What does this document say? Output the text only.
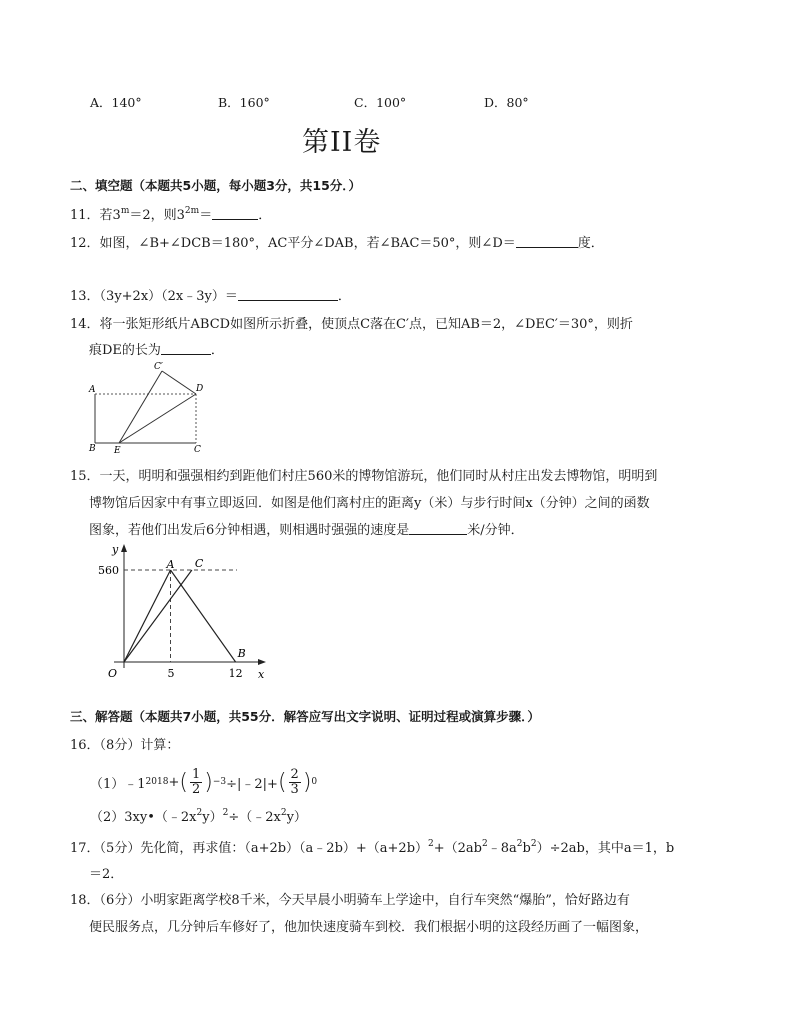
A．140°	B．160°	C．100°	D．80°
第II卷
二、填空题（本题共5小题，每小题3分，共15分．）
11．若$3^m=2$，则$3^{2m}=$	．
12．如图，∠B+∠DCB＝180°，AC平分∠DAB，若∠BAC＝50°，则∠D＝	度．
13．（3y+2x）（2x﹣3y）＝	．
14．将一张矩形纸片ABCD如图所示折叠，使顶点C落在C′点，已知AB＝2，∠DEC′＝30°，则折
痕DE的长为	．
A
B	C
C′
D
E
15．一天，明明和强强相约到距他们村庄560米的博物馆游玩，他们同时从村庄出发去博物馆，明明到
博物馆后因家中有事立即返回．如图是他们离村庄的距离y（米）与步行时间x（分钟）之间的函数
图象，若他们出发后6分钟相遇，则相遇时强强的速度是	米/分钟．
y
x
O
560
5	12
A
B
C
三、解答题（本题共7小题，共55分．解答应写出文字说明、证明过程或演算步骤．）
16．（8分）计算：
（1）﹣1 2018 + ( $\frac{1}{2}$ ) −3 ÷|﹣2|+ ( $\frac{2}{3}$ ) 0
$(2)3xy•(﹣2x^2y)^2\div(﹣2x^2y)$
17．（5分）先化简，再求值：$(a+2b)(a﹣2b)+(a+2b)^2+(2ab^2﹣8a^2b^2)\div 2ab$，其中a＝1，b
＝2．
18．（6分）小明家距离学校8千米，今天早晨小明骑车上学途中，自行车突然“爆胎”，恰好路边有
便民服务点，几分钟后车修好了，他加快速度骑车到校．我们根据小明的这段经历画了一幅图象，
